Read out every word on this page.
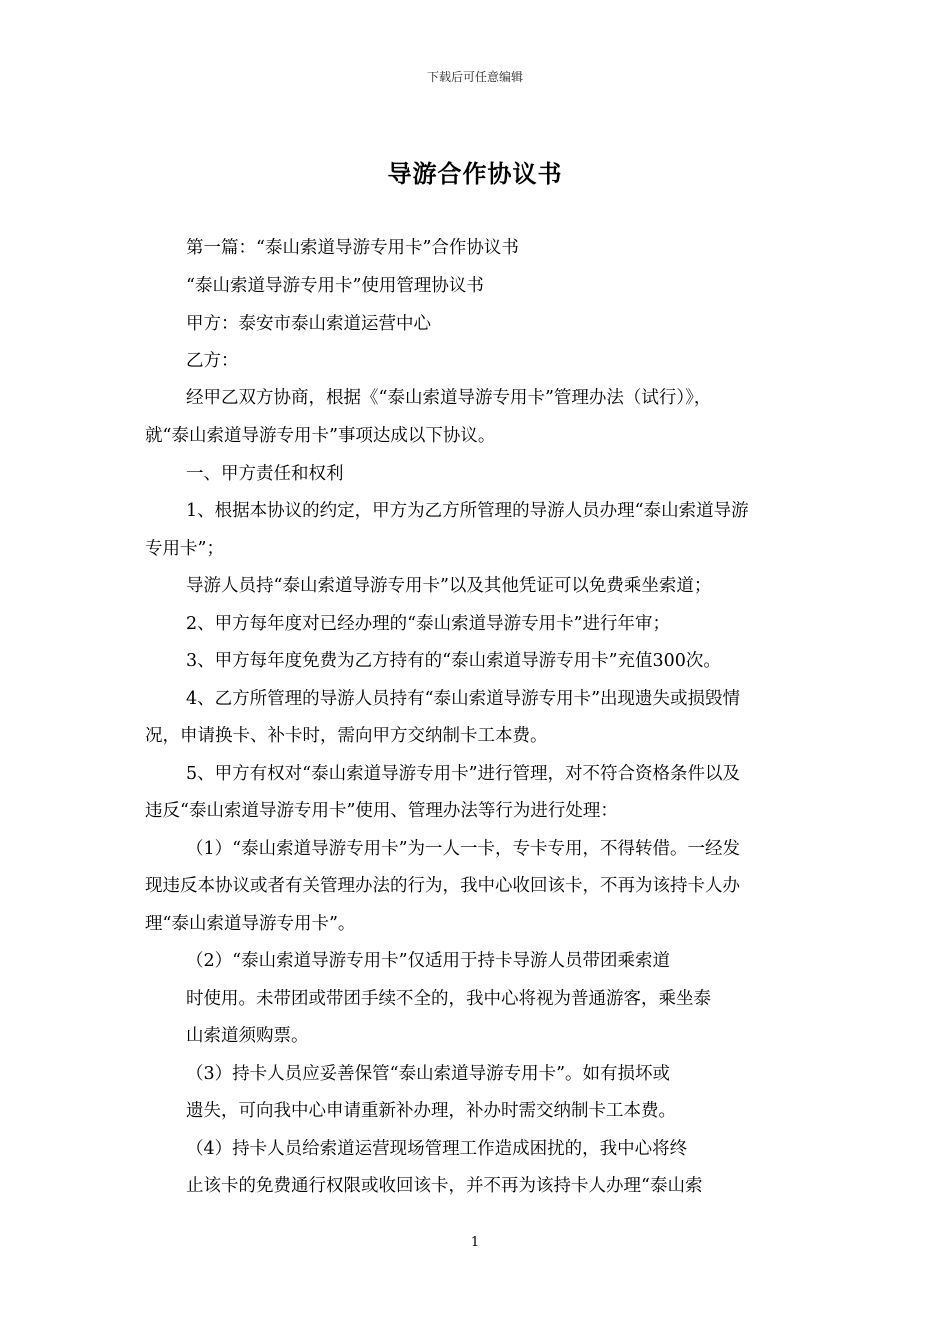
下载后可任意编辑
导游合作协议书
第一篇：“泰山索道导游专用卡”合作协议书
“泰山索道导游专用卡”使用管理协议书
甲方：泰安市泰山索道运营中心
乙方：
经甲乙双方协商，根据《“泰山索道导游专用卡”管理办法（试行）》，
就“泰山索道导游专用卡”事项达成以下协议。
一、甲方责任和权利
1、根据本协议的约定，甲方为乙方所管理的导游人员办理“泰山索道导游
专用卡”；
导游人员持“泰山索道导游专用卡”以及其他凭证可以免费乘坐索道；
2、甲方每年度对已经办理的“泰山索道导游专用卡”进行年审；
3、甲方每年度免费为乙方持有的“泰山索道导游专用卡”充值300次。
4、乙方所管理的导游人员持有“泰山索道导游专用卡”出现遗失或损毁情
况，申请换卡、补卡时，需向甲方交纳制卡工本费。
5、甲方有权对“泰山索道导游专用卡”进行管理，对不符合资格条件以及
违反“泰山索道导游专用卡”使用、管理办法等行为进行处理：
（1）“泰山索道导游专用卡”为一人一卡，专卡专用，不得转借。一经发
现违反本协议或者有关管理办法的行为，我中心收回该卡，不再为该持卡人办
理“泰山索道导游专用卡”。
（2）“泰山索道导游专用卡”仅适用于持卡导游人员带团乘索道
时使用。未带团或带团手续不全的，我中心将视为普通游客，乘坐泰
山索道须购票。
（3）持卡人员应妥善保管“泰山索道导游专用卡”。如有损坏或
遗失，可向我中心申请重新补办理，补办时需交纳制卡工本费。
（4）持卡人员给索道运营现场管理工作造成困扰的，我中心将终
止该卡的免费通行权限或收回该卡，并不再为该持卡人办理“泰山索
1
